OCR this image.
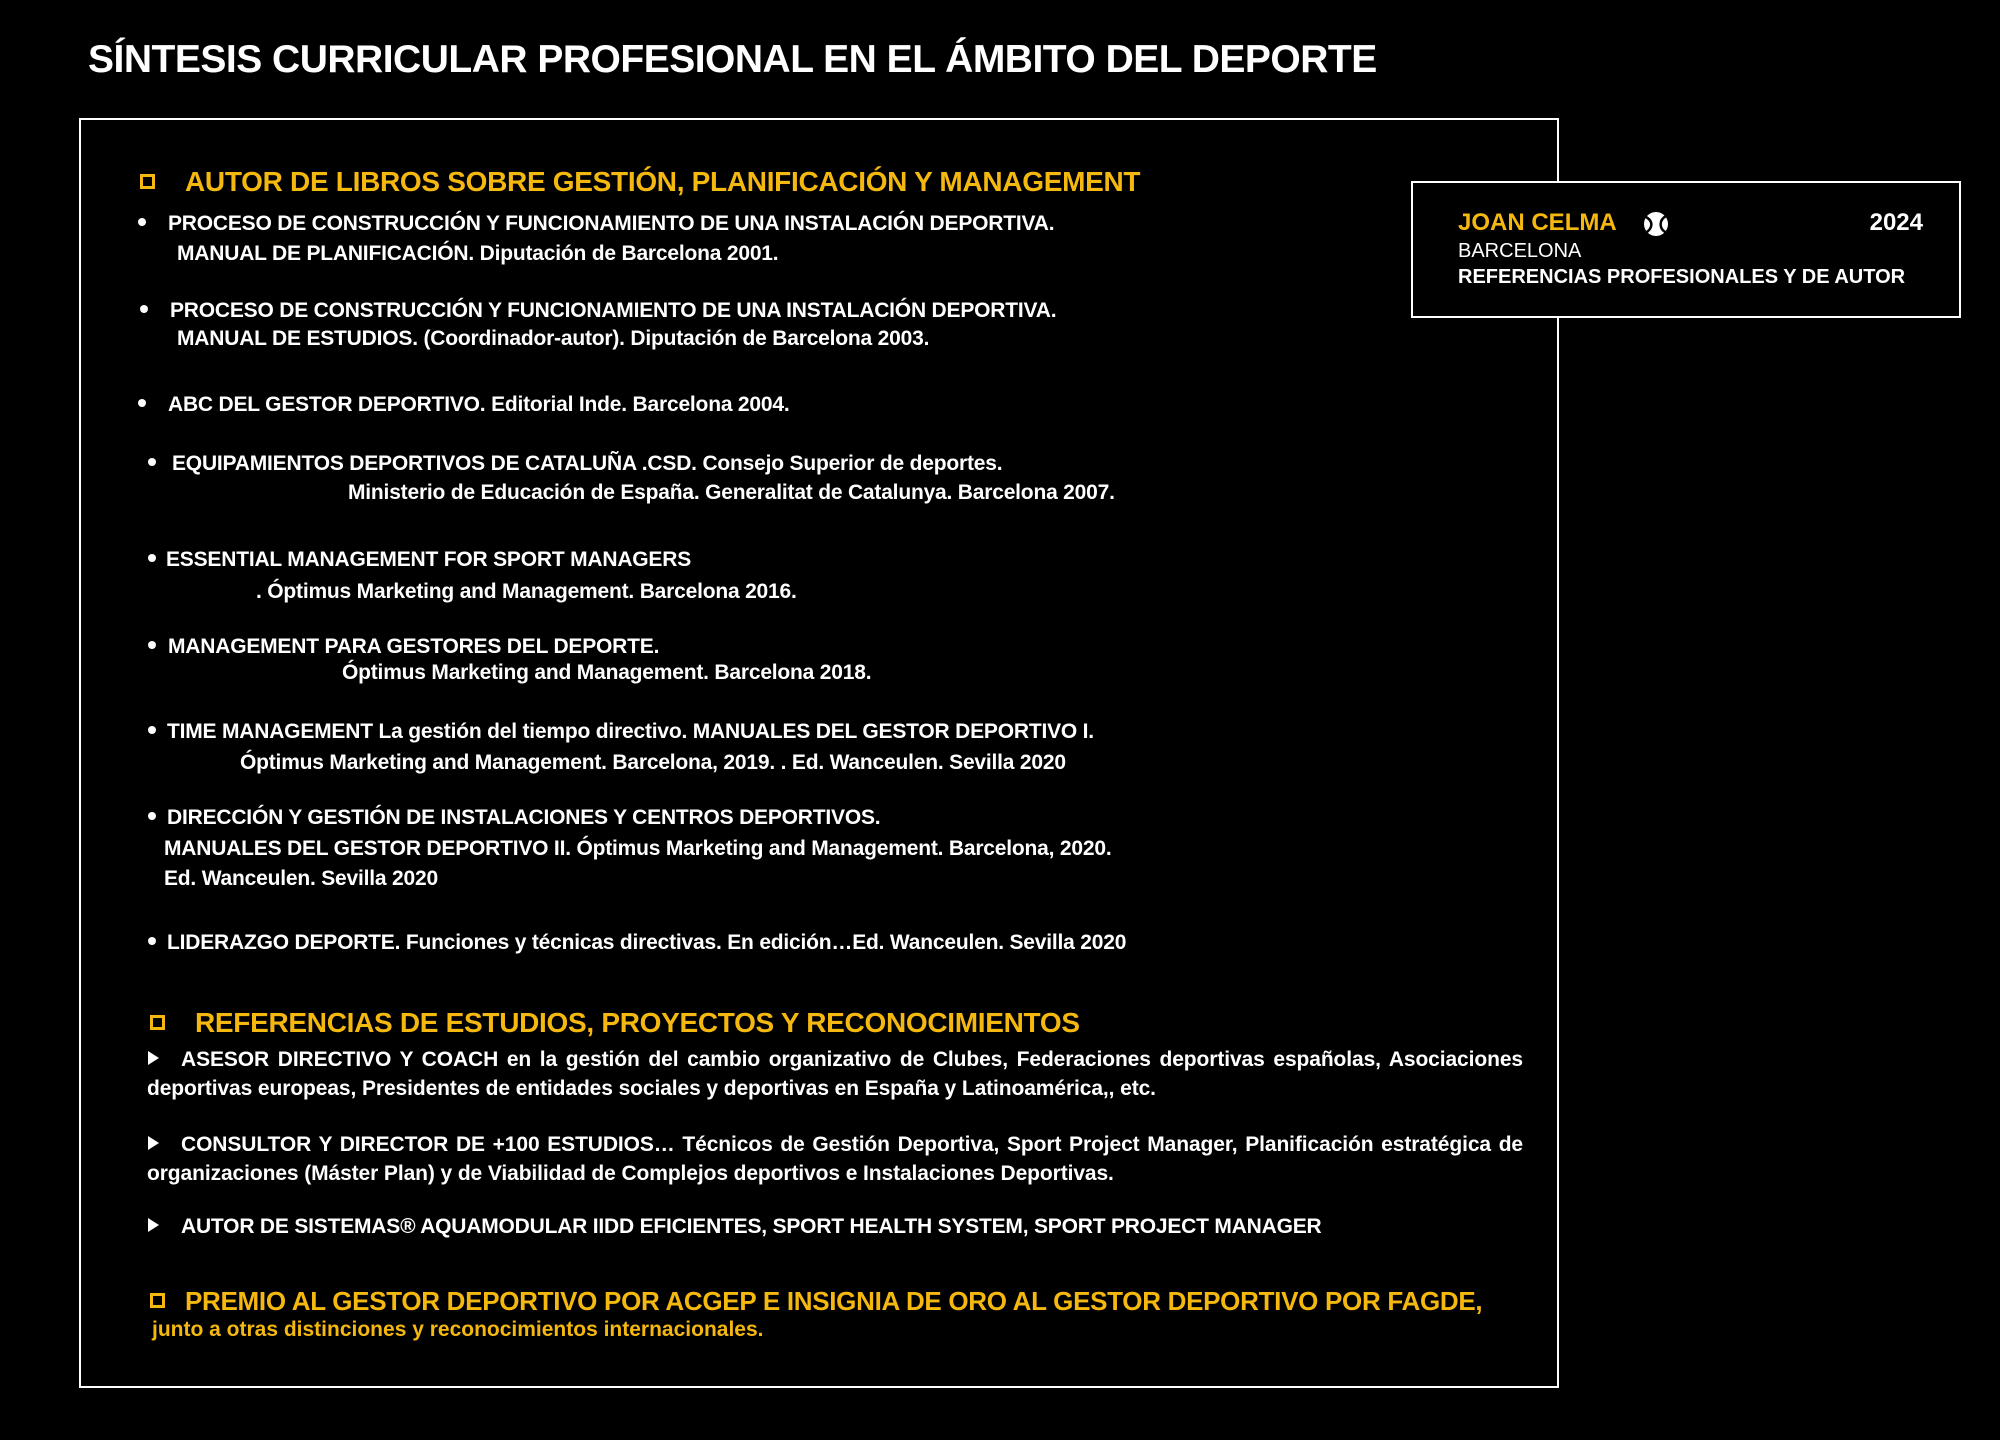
SÍNTESIS CURRICULAR PROFESIONAL EN EL ÁMBITO DEL DEPORTE
JOAN CELMA	2024
BARCELONA
REFERENCIAS PROFESIONALES Y DE AUTOR
AUTOR DE LIBROS SOBRE GESTIÓN, PLANIFICACIÓN Y MANAGEMENT
PROCESO DE CONSTRUCCIÓN Y FUNCIONAMIENTO DE UNA INSTALACIÓN DEPORTIVA.
MANUAL DE PLANIFICACIÓN. Diputación de Barcelona 2001.
PROCESO DE CONSTRUCCIÓN Y FUNCIONAMIENTO DE UNA INSTALACIÓN DEPORTIVA.
MANUAL DE ESTUDIOS. (Coordinador-autor). Diputación de Barcelona 2003.
ABC DEL GESTOR DEPORTIVO. Editorial Inde. Barcelona 2004.
EQUIPAMIENTOS DEPORTIVOS DE CATALUÑA .CSD. Consejo Superior de deportes.
Ministerio de Educación de España. Generalitat de Catalunya. Barcelona 2007.
ESSENTIAL MANAGEMENT FOR SPORT MANAGERS
. Óptimus Marketing and Management. Barcelona 2016.
MANAGEMENT PARA GESTORES DEL DEPORTE.
Óptimus Marketing and Management. Barcelona 2018.
TIME MANAGEMENT La gestión del tiempo directivo. MANUALES DEL GESTOR DEPORTIVO I.
Óptimus Marketing and Management. Barcelona, 2019. . Ed. Wanceulen. Sevilla 2020
DIRECCIÓN Y GESTIÓN DE INSTALACIONES Y CENTROS DEPORTIVOS.
MANUALES DEL GESTOR DEPORTIVO II. Óptimus Marketing and Management. Barcelona, 2020.
Ed. Wanceulen. Sevilla 2020
LIDERAZGO DEPORTE. Funciones y técnicas directivas. En edición…Ed. Wanceulen. Sevilla 2020
REFERENCIAS DE ESTUDIOS, PROYECTOS Y RECONOCIMIENTOS
ASESOR DIRECTIVO Y COACH en la gestión del cambio organizativo de Clubes, Federaciones deportivas españolas, Asociaciones deportivas europeas, Presidentes de entidades sociales y deportivas en España y Latinoamérica,, etc.
CONSULTOR Y DIRECTOR DE +100 ESTUDIOS… Técnicos de Gestión Deportiva, Sport Project Manager, Planificación estratégica de organizaciones (Máster Plan) y de Viabilidad de Complejos deportivos e Instalaciones Deportivas.
AUTOR DE SISTEMAS® AQUAMODULAR IIDD EFICIENTES, SPORT HEALTH SYSTEM, SPORT PROJECT MANAGER
PREMIO AL GESTOR DEPORTIVO POR ACGEP E INSIGNIA DE ORO AL GESTOR DEPORTIVO POR FAGDE,
junto a otras distinciones y reconocimientos internacionales.
